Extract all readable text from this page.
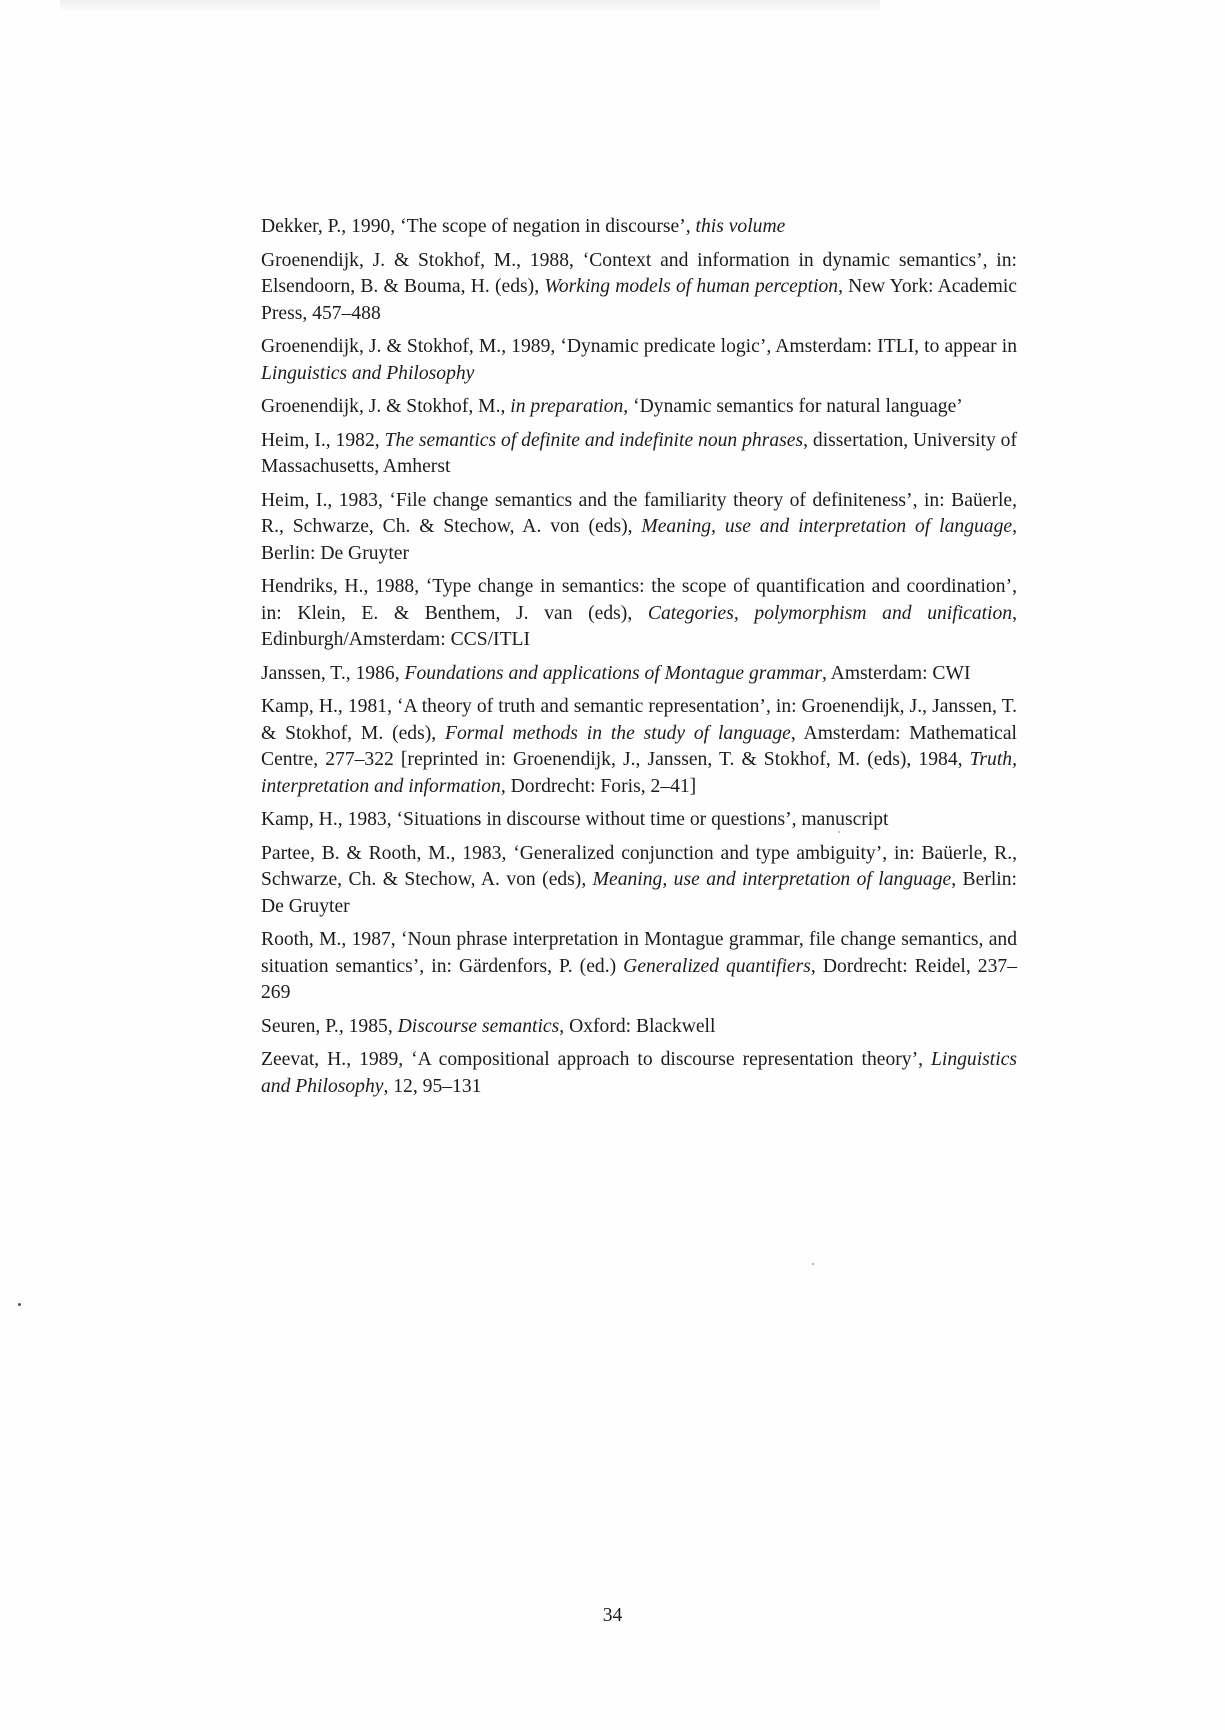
Dekker, P., 1990, ‘The scope of negation in discourse’, this volume
Groenendijk, J. & Stokhof, M., 1988, ‘Context and information in dynamic semantics’, in: Elsendoorn, B. & Bouma, H. (eds), Working models of human perception, New York: Academic Press, 457–488
Groenendijk, J. & Stokhof, M., 1989, ‘Dynamic predicate logic’, Amsterdam: ITLI, to appear in Linguistics and Philosophy
Groenendijk, J. & Stokhof, M., in preparation, ‘Dynamic semantics for natural language’
Heim, I., 1982, The semantics of definite and indefinite noun phrases, dissertation, University of Massachusetts, Amherst
Heim, I., 1983, ‘File change semantics and the familiarity theory of definiteness’, in: Baüerle, R., Schwarze, Ch. & Stechow, A. von (eds), Meaning, use and interpretation of language, Berlin: De Gruyter
Hendriks, H., 1988, ‘Type change in semantics: the scope of quantification and coordination’, in: Klein, E. & Benthem, J. van (eds), Categories, polymorphism and unification, Edinburgh/Amsterdam: CCS/ITLI
Janssen, T., 1986, Foundations and applications of Montague grammar, Amsterdam: CWI
Kamp, H., 1981, ‘A theory of truth and semantic representation’, in: Groenendijk, J., Janssen, T. & Stokhof, M. (eds), Formal methods in the study of language, Amsterdam: Mathematical Centre, 277–322 [reprinted in: Groenendijk, J., Janssen, T. & Stokhof, M. (eds), 1984, Truth, interpretation and information, Dordrecht: Foris, 2–41]
Kamp, H., 1983, ‘Situations in discourse without time or questions’, manuscript
Partee, B. & Rooth, M., 1983, ‘Generalized conjunction and type ambiguity’, in: Baüerle, R., Schwarze, Ch. & Stechow, A. von (eds), Meaning, use and interpretation of language, Berlin: De Gruyter
Rooth, M., 1987, ‘Noun phrase interpretation in Montague grammar, file change semantics, and situation semantics’, in: Gärdenfors, P. (ed.) Generalized quantifiers, Dordrecht: Reidel, 237–269
Seuren, P., 1985, Discourse semantics, Oxford: Blackwell
Zeevat, H., 1989, ‘A compositional approach to discourse representation theory’, Linguistics and Philosophy, 12, 95–131
34
